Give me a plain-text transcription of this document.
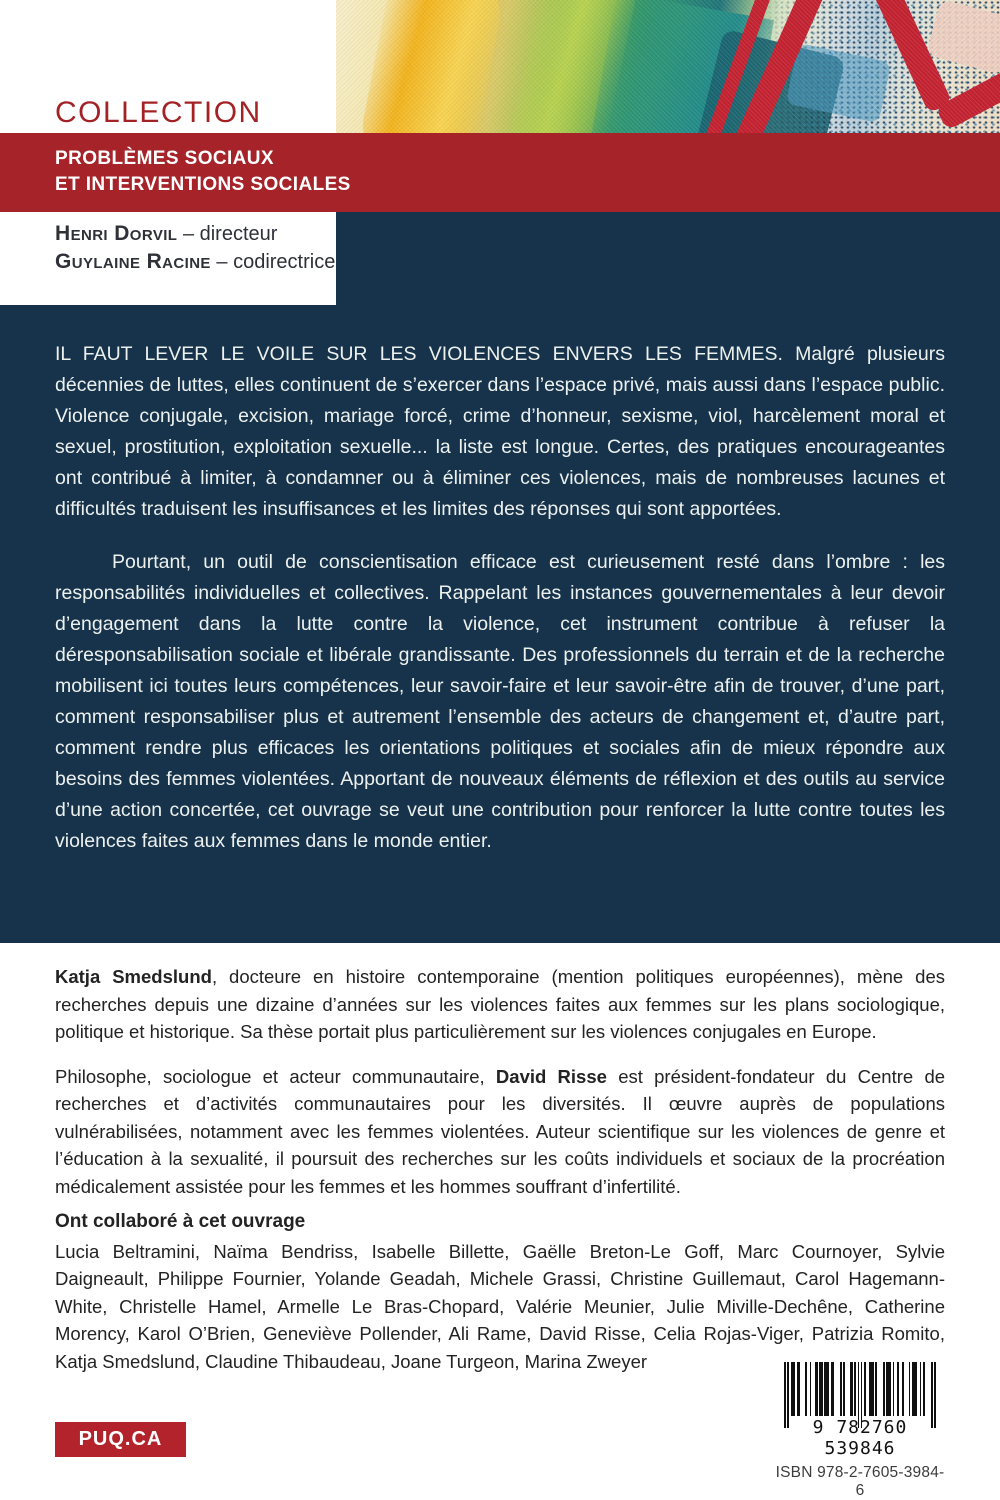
COLLECTION
PROBLÈMES SOCIAUX
ET INTERVENTIONS SOCIALES
Henri Dorvil – directeur
Guylaine Racine – codirectrice

IL FAUT LEVER LE VOILE SUR LES VIOLENCES ENVERS LES FEMMES. Malgré plusieurs décennies de luttes, elles continuent de s’exercer dans l’espace privé, mais aussi dans l’espace public. Violence conjugale, excision, mariage forcé, crime d’honneur, sexisme, viol, harcèlement moral et sexuel, prostitution, exploitation sexuelle... la liste est longue. Certes, des pratiques encourageantes ont contribué à limiter, à condamner ou à éliminer ces violences, mais de nombreuses lacunes et difficultés traduisent les insuffisances et les limites des réponses qui sont apportées.

Pourtant, un outil de conscientisation efficace est curieusement resté dans l’ombre : les responsabilités individuelles et collectives. Rappelant les instances gouvernementales à leur devoir d’engagement dans la lutte contre la violence, cet instrument contribue à refuser la déresponsabilisation sociale et libérale grandissante. Des professionnels du terrain et de la recherche mobilisent ici toutes leurs compétences, leur savoir-faire et leur savoir-être afin de trouver, d’une part, comment responsabiliser plus et autrement l’ensemble des acteurs de changement et, d’autre part, comment rendre plus efficaces les orientations politiques et sociales afin de mieux répondre aux besoins des femmes violentées. Apportant de nouveaux éléments de réflexion et des outils au service d’une action concertée, cet ouvrage se veut une contribution pour renforcer la lutte contre toutes les violences faites aux femmes dans le monde entier.

Katja Smedslund, docteure en histoire contemporaine (mention politiques européennes), mène des recherches depuis une dizaine d’années sur les violences faites aux femmes sur les plans sociologique, politique et historique. Sa thèse portait plus particulièrement sur les violences conjugales en Europe.

Philosophe, sociologue et acteur communautaire, David Risse est président-fondateur du Centre de recherches et d’activités communautaires pour les diversités. Il œuvre auprès de populations vulnérabilisées, notamment avec les femmes violentées. Auteur scientifique sur les violences de genre et l’éducation à la sexualité, il poursuit des recherches sur les coûts individuels et sociaux de la procréation médicalement assistée pour les femmes et les hommes souffrant d’infertilité.

Ont collaboré à cet ouvrage

Lucia Beltramini, Naïma Bendriss, Isabelle Billette, Gaëlle Breton-Le Goff, Marc Cournoyer, Sylvie Daigneault, Philippe Fournier, Yolande Geadah, Michele Grassi, Christine Guillemaut, Carol Hagemann-White, Christelle Hamel, Armelle Le Bras-Chopard, Valérie Meunier, Julie Miville-Dechêne, Catherine Morency, Karol O’Brien, Geneviève Pollender, Ali Rame, David Risse, Celia Rojas-Viger, Patrizia Romito, Katja Smedslund, Claudine Thibaudeau, Joane Turgeon, Marina Zweyer

PUQ.CA
9 782760 539846
ISBN 978-2-7605-3984-6
